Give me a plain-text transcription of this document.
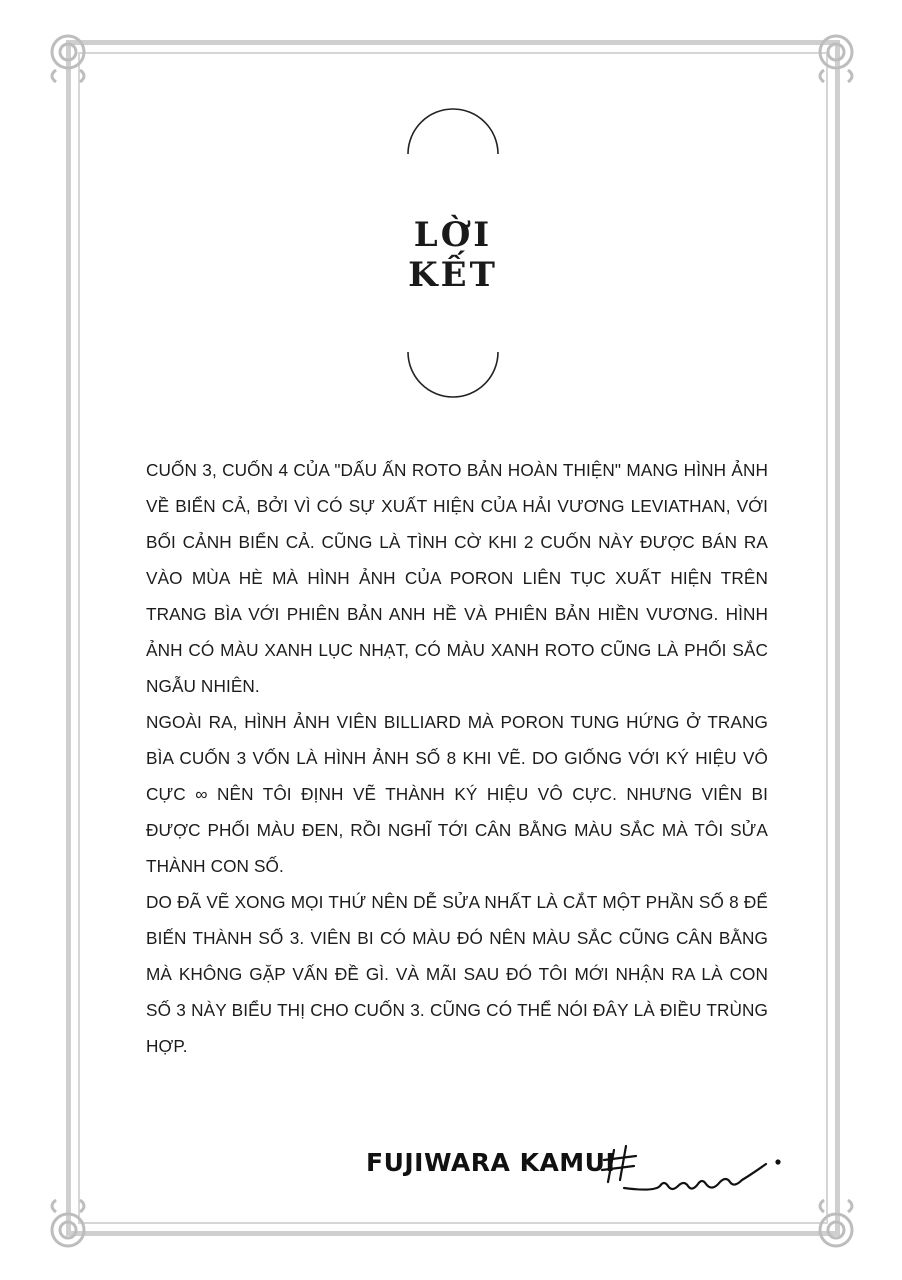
LỜI
KẾT

CUỐN 3, CUỐN 4 CỦA "DẤU ẤN ROTO BẢN HOÀN THIỆN" MANG HÌNH ẢNH VỀ BIỂN CẢ, BỞI VÌ CÓ SỰ XUẤT HIỆN CỦA HẢI VƯƠNG LEVIATHAN, VỚI BỐI CẢNH BIỂN CẢ. CŨNG LÀ TÌNH CỜ KHI 2 CUỐN NÀY ĐƯỢC BÁN RA VÀO MÙA HÈ MÀ HÌNH ẢNH CỦA PORON LIÊN TỤC XUẤT HIỆN TRÊN TRANG BÌA VỚI PHIÊN BẢN ANH HỀ VÀ PHIÊN BẢN HIỀN VƯƠNG. HÌNH ẢNH CÓ MÀU XANH LỤC NHẠT, CÓ MÀU XANH ROTO CŨNG LÀ PHỐI SẮC NGẪU NHIÊN.

NGOÀI RA, HÌNH ẢNH VIÊN BILLIARD MÀ PORON TUNG HỨNG Ở TRANG BÌA CUỐN 3 VỐN LÀ HÌNH ẢNH SỐ 8 KHI VẼ. DO GIỐNG VỚI KÝ HIỆU VÔ CỰC ∞ NÊN TÔI ĐỊNH VẼ THÀNH KÝ HIỆU VÔ CỰC. NHƯNG VIÊN BI ĐƯỢC PHỐI MÀU ĐEN, RỒI NGHĨ TỚI CÂN BẰNG MÀU SẮC MÀ TÔI SỬA THÀNH CON SỐ.

DO ĐÃ VẼ XONG MỌI THỨ NÊN DỄ SỬA NHẤT LÀ CẮT MỘT PHẦN SỐ 8 ĐỂ BIẾN THÀNH SỐ 3. VIÊN BI CÓ MÀU ĐÓ NÊN MÀU SẮC CŨNG CÂN BẰNG MÀ KHÔNG GẶP VẤN ĐỀ GÌ. VÀ MÃI SAU ĐÓ TÔI MỚI NHẬN RA LÀ CON SỐ 3 NÀY BIỂU THỊ CHO CUỐN 3. CŨNG CÓ THỂ NÓI ĐÂY LÀ ĐIỀU TRÙNG HỢP.

FUJIWARA KAMUI
